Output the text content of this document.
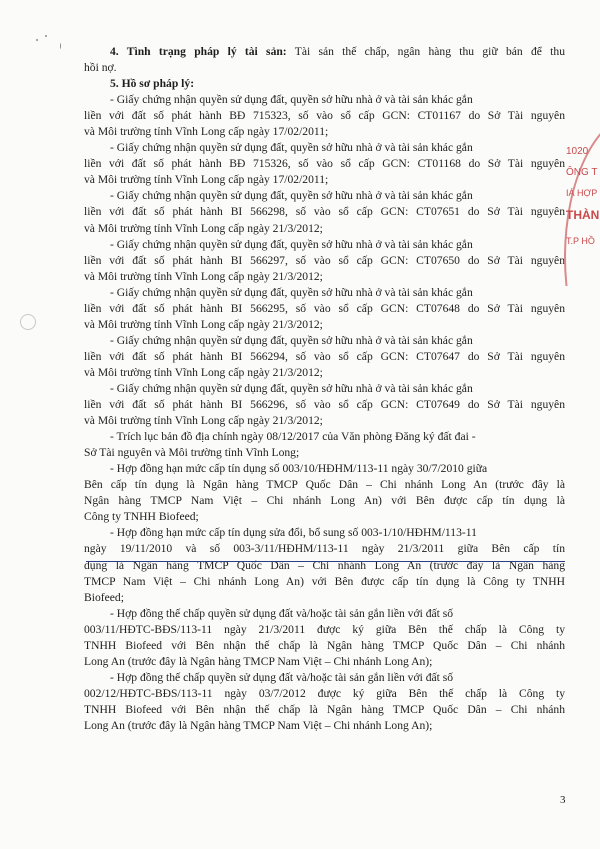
4. Tình trạng pháp lý tài sản: Tài sản thế chấp, ngân hàng thu giữ bán để thu
hồi nợ.
5. Hồ sơ pháp lý:
- Giấy chứng nhận quyền sử dụng đất, quyền sở hữu nhà ở và tài sản khác gắn
liền với đất số phát hành BĐ 715323, số vào sổ cấp GCN: CT01167 do Sở Tài nguyên
và Môi trường tỉnh Vĩnh Long cấp ngày 17/02/2011;
- Giấy chứng nhận quyền sử dụng đất, quyền sở hữu nhà ở và tài sản khác gắn
liền với đất số phát hành BĐ 715326, số vào sổ cấp GCN: CT01168 do Sở Tài nguyên
và Môi trường tỉnh Vĩnh Long cấp ngày 17/02/2011;
- Giấy chứng nhận quyền sử dụng đất, quyền sở hữu nhà ở và tài sản khác gắn
liền với đất số phát hành BI 566298, số vào sổ cấp GCN: CT07651 do Sở Tài nguyên
và Môi trường tỉnh Vĩnh Long cấp ngày 21/3/2012;
- Giấy chứng nhận quyền sử dụng đất, quyền sở hữu nhà ở và tài sản khác gắn
liền với đất số phát hành BI 566297, số vào sổ cấp GCN: CT07650 do Sở Tài nguyên
và Môi trường tỉnh Vĩnh Long cấp ngày 21/3/2012;
- Giấy chứng nhận quyền sử dụng đất, quyền sở hữu nhà ở và tài sản khác gắn
liền với đất số phát hành BI 566295, số vào sổ cấp GCN: CT07648 do Sở Tài nguyên
và Môi trường tỉnh Vĩnh Long cấp ngày 21/3/2012;
- Giấy chứng nhận quyền sử dụng đất, quyền sở hữu nhà ở và tài sản khác gắn
liền với đất số phát hành BI 566294, số vào sổ cấp GCN: CT07647 do Sở Tài nguyên
và Môi trường tỉnh Vĩnh Long cấp ngày 21/3/2012;
- Giấy chứng nhận quyền sử dụng đất, quyền sở hữu nhà ở và tài sản khác gắn
liền với đất số phát hành BI 566296, số vào sổ cấp GCN: CT07649 do Sở Tài nguyên
và Môi trường tỉnh Vĩnh Long cấp ngày 21/3/2012;
- Trích lục bản đồ địa chính ngày 08/12/2017 của Văn phòng Đăng ký đất đai -
Sở Tài nguyên và Môi trường tỉnh Vĩnh Long;
- Hợp đồng hạn mức cấp tín dụng số 003/10/HĐHM/113-11 ngày 30/7/2010 giữa
Bên cấp tín dụng là Ngân hàng TMCP Quốc Dân – Chi nhánh Long An (trước đây là
Ngân hàng TMCP Nam Việt – Chi nhánh Long An) với Bên được cấp tín dụng là
Công ty TNHH Biofeed;
- Hợp đồng hạn mức cấp tín dụng sửa đổi, bổ sung số 003-1/10/HĐHM/113-11
ngày 19/11/2010 và số 003-3/11/HĐHM/113-11 ngày 21/3/2011 giữa Bên cấp tín
dụng là Ngân hàng TMCP Quốc Dân – Chi nhánh Long An (trước đây là Ngân hàng
TMCP Nam Việt – Chi nhánh Long An) với Bên được cấp tín dụng là Công ty TNHH
Biofeed;
- Hợp đồng thế chấp quyền sử dụng đất và/hoặc tài sản gắn liền với đất số
003/11/HĐTC-BĐS/113-11 ngày 21/3/2011 được ký giữa Bên thế chấp là Công ty
TNHH Biofeed với Bên nhận thế chấp là Ngân hàng TMCP Quốc Dân – Chi nhánh
Long An (trước đây là Ngân hàng TMCP Nam Việt – Chi nhánh Long An);
- Hợp đồng thế chấp quyền sử dụng đất và/hoặc tài sản gắn liền với đất số
002/12/HĐTC-BĐS/113-11 ngày 03/7/2012 được ký giữa Bên thế chấp là Công ty
TNHH Biofeed với Bên nhận thế chấp là Ngân hàng TMCP Quốc Dân – Chi nhánh
Long An (trước đây là Ngân hàng TMCP Nam Việt – Chi nhánh Long An);
3
1020
ÔNG T
IÁ HỢP
THÀN
T.P HỒ
